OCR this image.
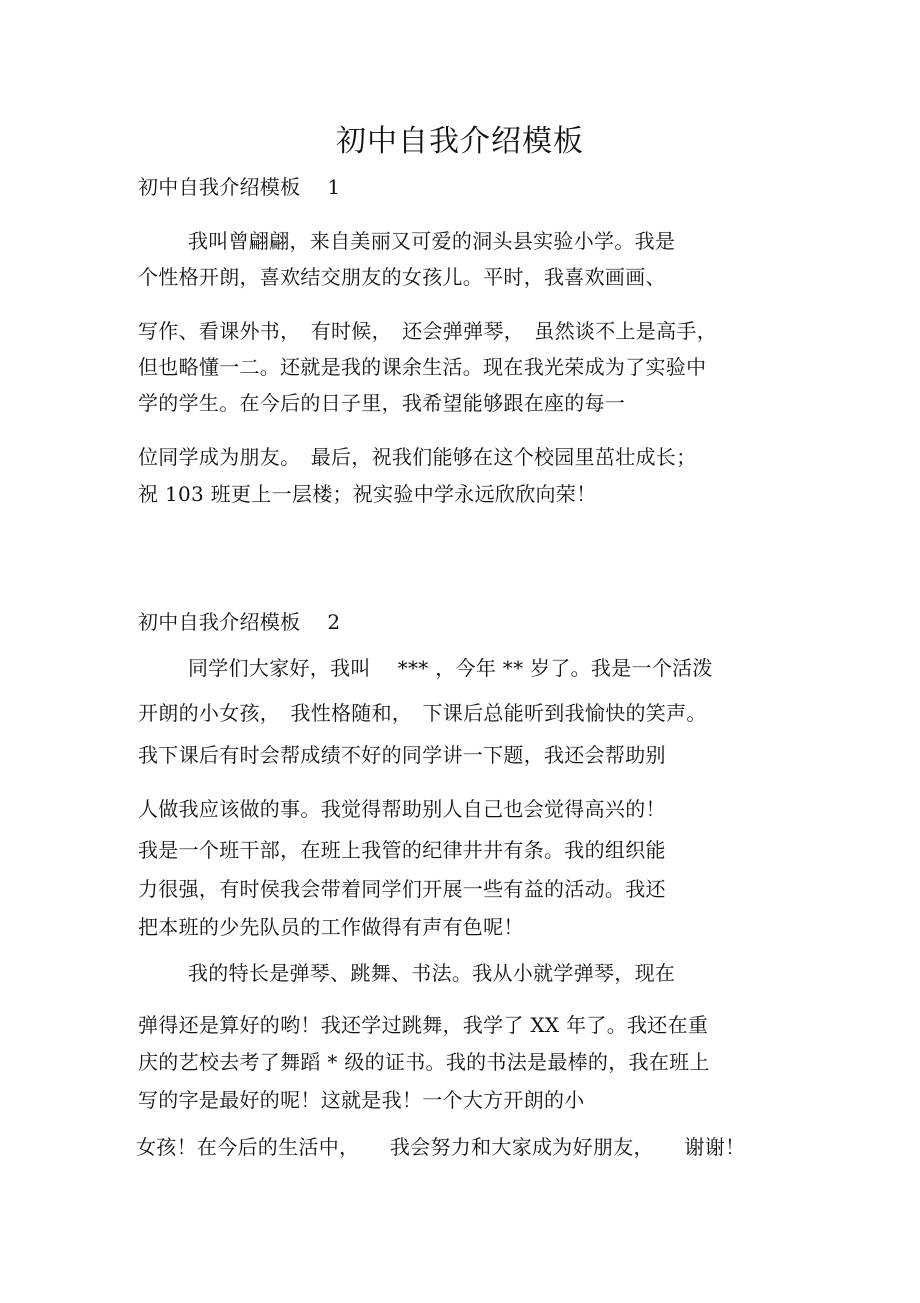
初中自我介绍模板
初中自我介绍模板　 1
我叫曾翩翩，来自美丽又可爱的洞头县实验小学。我是
个性格开朗，喜欢结交朋友的女孩儿。平时，我喜欢画画、
写作、看课外书，　有时候，　还会弹弹琴，　虽然谈不上是高手，
但也略懂一二。还就是我的课余生活。现在我光荣成为了实验中
学的学生。在今后的日子里，我希望能够跟在座的每一
位同学成为朋友。　最后，祝我们能够在这个校园里茁壮成长；
祝 103 班更上一层楼；祝实验中学永远欣欣向荣！
初中自我介绍模板　 2
同学们大家好，我叫　 *** ，今年 ** 岁了。我是一个活泼
开朗的小女孩，　我性格随和，　下课后总能听到我愉快的笑声。
我下课后有时会帮成绩不好的同学讲一下题，我还会帮助别
人做我应该做的事。我觉得帮助别人自己也会觉得高兴的！
我是一个班干部，在班上我管的纪律井井有条。我的组织能
力很强，有时侯我会带着同学们开展一些有益的活动。我还
把本班的少先队员的工作做得有声有色呢！
我的特长是弹琴、跳舞、书法。我从小就学弹琴，现在
弹得还是算好的哟！我还学过跳舞，我学了 XX 年了。我还在重
庆的艺校去考了舞蹈 * 级的证书。我的书法是最棒的，我在班上
写的字是最好的呢！这就是我！一个大方开朗的小
女孩！在今后的生活中，　　我会努力和大家成为好朋友，　　谢谢！
